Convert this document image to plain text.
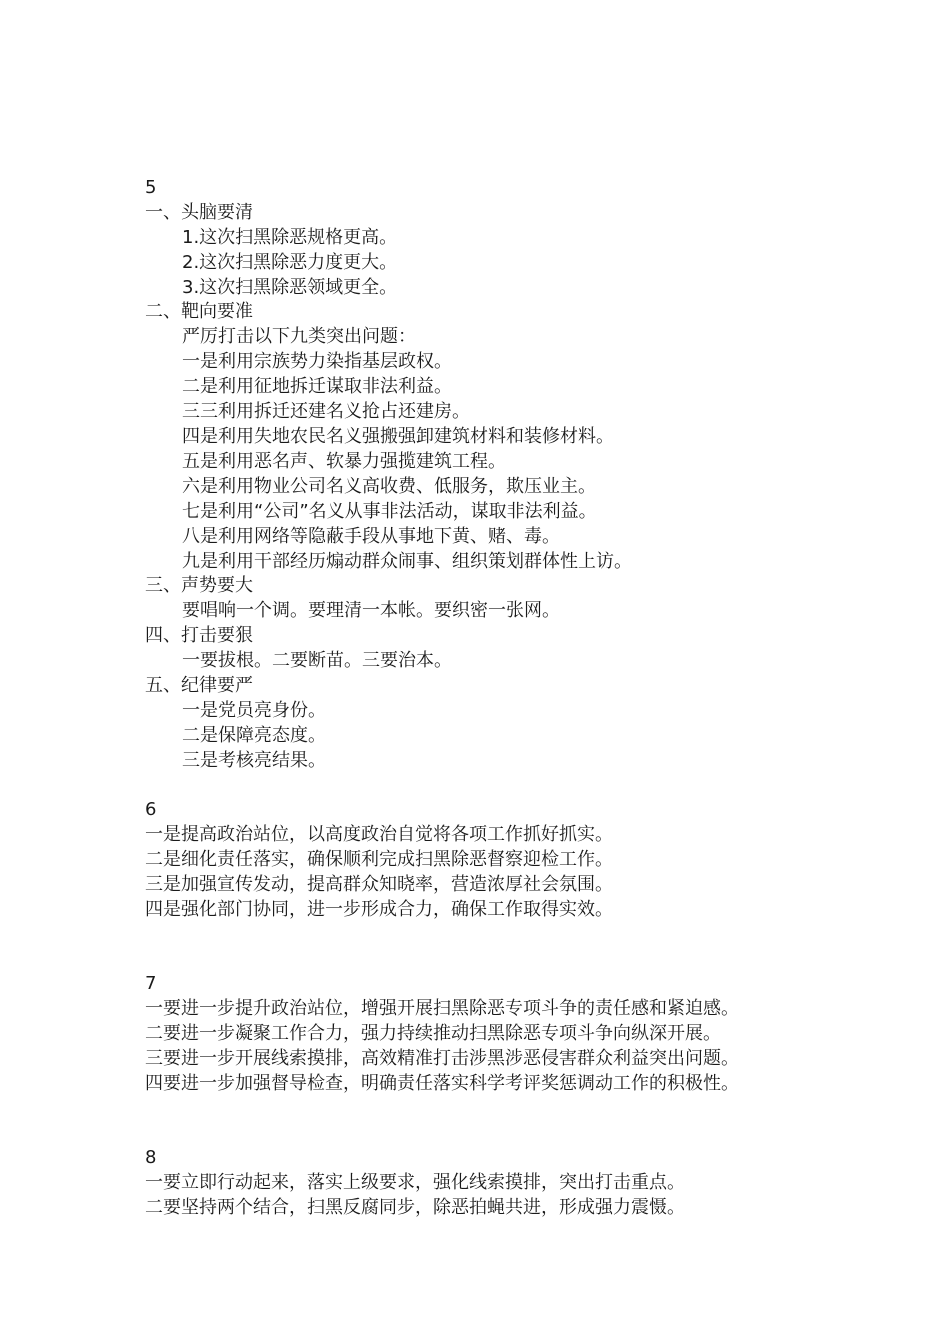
5
一、头脑要清
1.这次扫黑除恶规格更高。
2.这次扫黑除恶力度更大。
3.这次扫黑除恶领域更全。
二、靶向要准
严厉打击以下九类突出问题：
一是利用宗族势力染指基层政权。
二是利用征地拆迁谋取非法利益。
三三利用拆迁还建名义抢占还建房。
四是利用失地农民名义强搬强卸建筑材料和装修材料。
五是利用恶名声、软暴力强揽建筑工程。
六是利用物业公司名义高收费、低服务，欺压业主。
七是利用“公司”名义从事非法活动，谋取非法利益。
八是利用网络等隐蔽手段从事地下黄、赌、毒。
九是利用干部经历煽动群众闹事、组织策划群体性上访。
三、声势要大
要唱响一个调。要理清一本帐。要织密一张网。
四、打击要狠
一要拔根。二要断苗。三要治本。
五、纪律要严
一是党员亮身份。
二是保障亮态度。
三是考核亮结果。
6
一是提高政治站位，以高度政治自觉将各项工作抓好抓实。
二是细化责任落实，确保顺利完成扫黑除恶督察迎检工作。
三是加强宣传发动，提高群众知晓率，营造浓厚社会氛围。
四是强化部门协同，进一步形成合力，确保工作取得实效。
7
一要进一步提升政治站位，增强开展扫黑除恶专项斗争的责任感和紧迫感。
二要进一步凝聚工作合力，强力持续推动扫黑除恶专项斗争向纵深开展。
三要进一步开展线索摸排，高效精准打击涉黑涉恶侵害群众利益突出问题。
四要进一步加强督导检查，明确责任落实科学考评奖惩调动工作的积极性。
8
一要立即行动起来，落实上级要求，强化线索摸排，突出打击重点。
二要坚持两个结合，扫黑反腐同步，除恶拍蝇共进，形成强力震慑。
